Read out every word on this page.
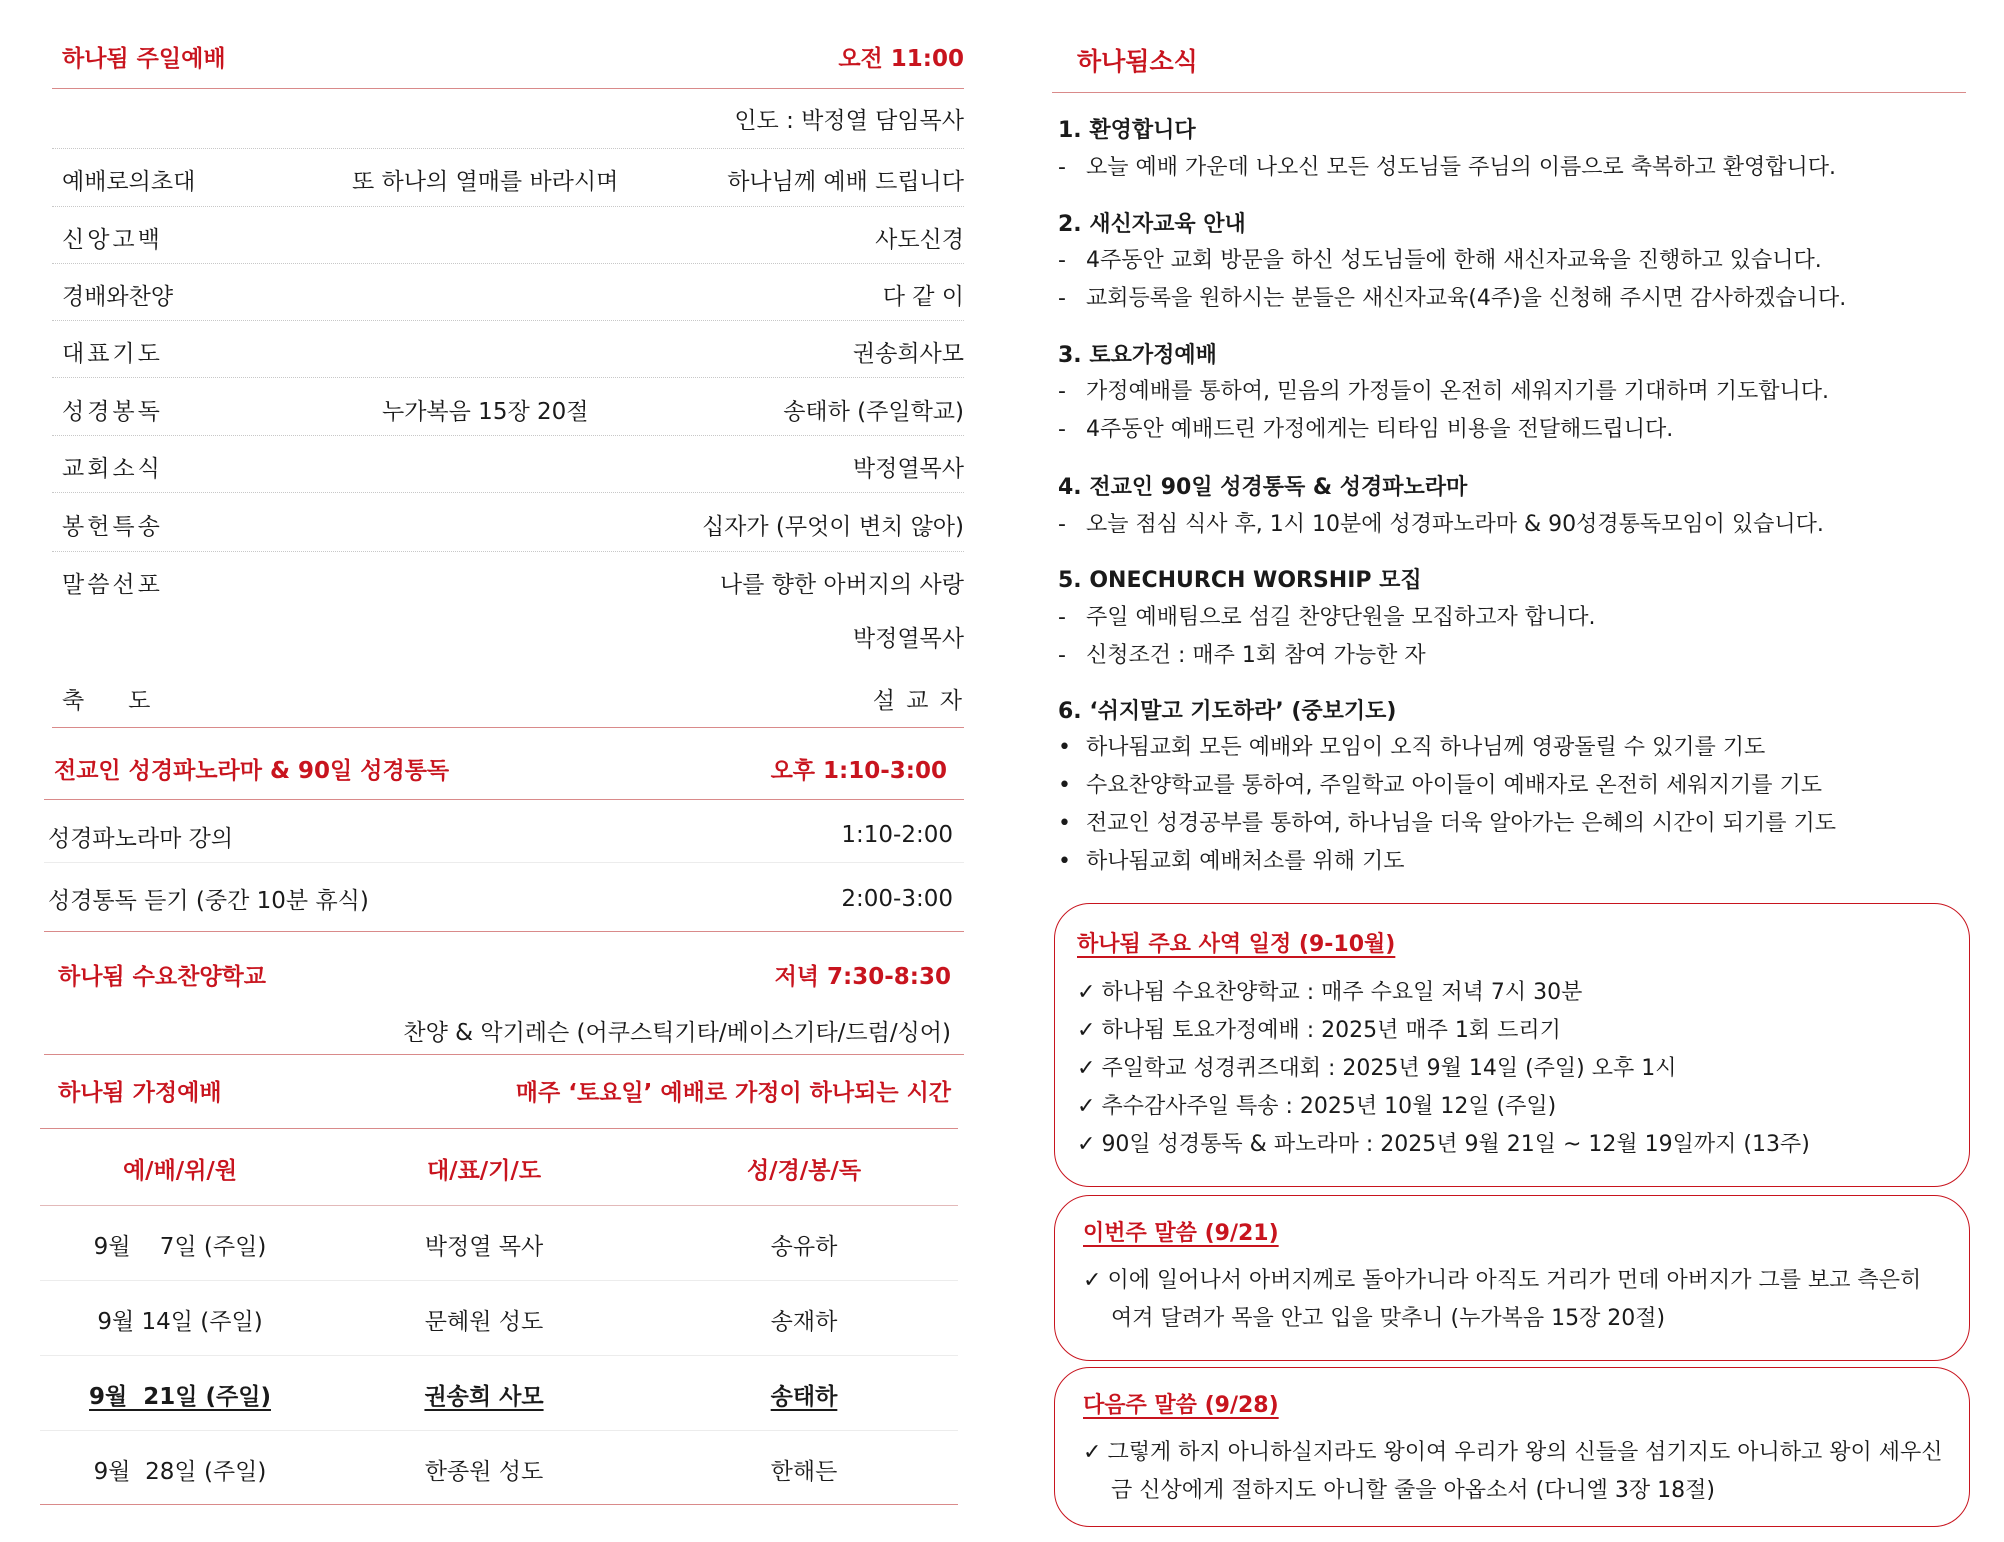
하나됨 주일예배	오전 11:00
인도 : 박정열 담임목사
예배로의초대	또 하나의 열매를 바라시며	하나님께 예배 드립니다
신앙고백	사도신경
경배와찬양	다 같 이
대표기도	권송희사모
성경봉독	누가복음 15장 20절	송태하 (주일학교)
교회소식	박정열목사
봉헌특송	십자가 (무엇이 변치 않아)
말씀선포	나를 향한 아버지의 사랑
박정열목사
축      도	설 교 자
전교인 성경파노라마 & 90일 성경통독	오후 1:10-3:00
성경파노라마 강의	1:10-2:00
성경통독 듣기 (중간 10분 휴식)	2:00-3:00
하나됨 수요찬양학교	저녁 7:30-8:30
찬양 & 악기레슨 (어쿠스틱기타/베이스기타/드럼/싱어)
하나됨 가정예배	매주 ‘토요일’ 예배로 가정이 하나되는 시간
예/배/위/원	대/표/기/도	성/경/봉/독
9월    7일 (주일)	박정열 목사	송유하
9월 14일 (주일)	문혜원 성도	송재하
9월  21일 (주일)	권송희 사모	송태하
9월  28일 (주일)	한종원 성도	한해든
하나됨소식
1. 환영합니다
- 오늘 예배 가운데 나오신 모든 성도님들 주님의 이름으로 축복하고 환영합니다.
2. 새신자교육 안내
- 4주동안 교회 방문을 하신 성도님들에 한해 새신자교육을 진행하고 있습니다.
- 교회등록을 원하시는 분들은 새신자교육(4주)을 신청해 주시면 감사하겠습니다.
3. 토요가정예배
- 가정예배를 통하여, 믿음의 가정들이 온전히 세워지기를 기대하며 기도합니다.
- 4주동안 예배드린 가정에게는 티타임 비용을 전달해드립니다.
4. 전교인 90일 성경통독 & 성경파노라마
- 오늘 점심 식사 후, 1시 10분에 성경파노라마 & 90성경통독모임이 있습니다.
5. ONECHURCH WORSHIP 모집
- 주일 예배팀으로 섬길 찬양단원을 모집하고자 합니다.
- 신청조건 : 매주 1회 참여 가능한 자
6. ‘쉬지말고 기도하라’ (중보기도)
• 하나됨교회 모든 예배와 모임이 오직 하나님께 영광돌릴 수 있기를 기도
• 수요찬양학교를 통하여, 주일학교 아이들이 예배자로 온전히 세워지기를 기도
• 전교인 성경공부를 통하여, 하나님을 더욱 알아가는 은혜의 시간이 되기를 기도
• 하나됨교회 예배처소를 위해 기도
하나됨 주요 사역 일정 (9-10월)
✓ 하나됨 수요찬양학교 : 매주 수요일 저녁 7시 30분
✓ 하나됨 토요가정예배 : 2025년 매주 1회 드리기
✓ 주일학교 성경퀴즈대회 : 2025년 9월 14일 (주일) 오후 1시
✓ 추수감사주일 특송 : 2025년 10월 12일 (주일)
✓ 90일 성경통독 & 파노라마 : 2025년 9월 21일 ~ 12월 19일까지 (13주)
이번주 말씀 (9/21)
✓ 이에 일어나서 아버지께로 돌아가니라 아직도 거리가 먼데 아버지가 그를 보고 측은히
여겨 달려가 목을 안고 입을 맞추니 (누가복음 15장 20절)
다음주 말씀 (9/28)
✓ 그렇게 하지 아니하실지라도 왕이여 우리가 왕의 신들을 섬기지도 아니하고 왕이 세우신
금 신상에게 절하지도 아니할 줄을 아옵소서 (다니엘 3장 18절)
